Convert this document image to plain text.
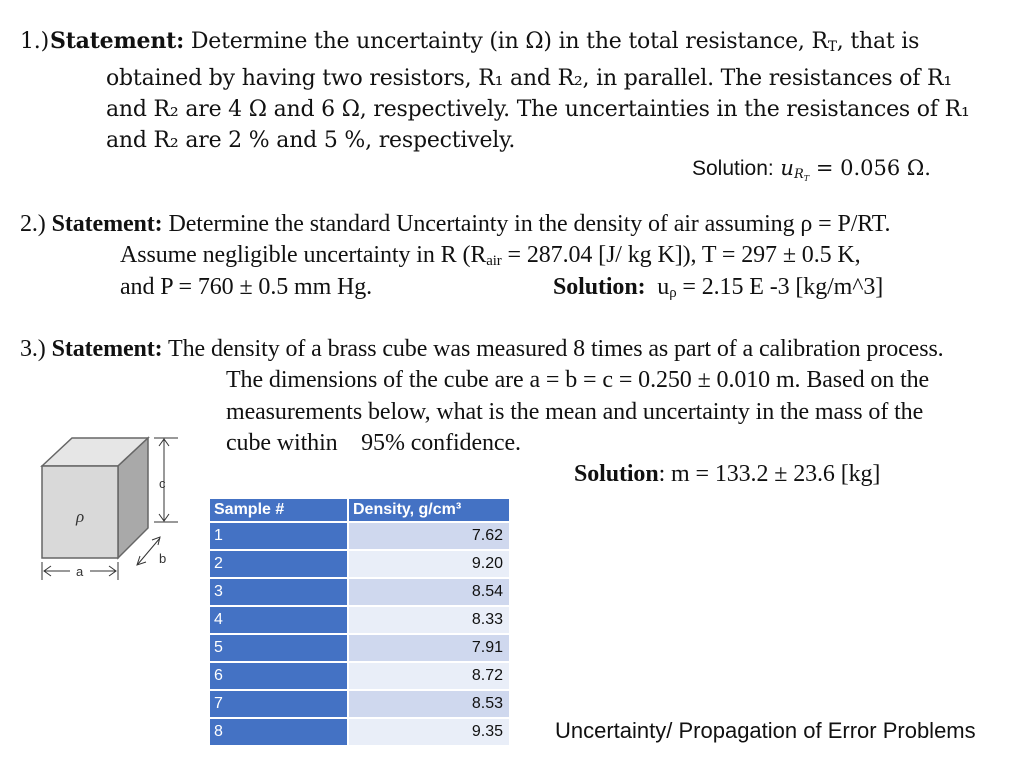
1.) Statement: Determine the uncertainty (in Ω) in the total resistance, $R_T$, that is
obtained by having two resistors, R₁ and R₂, in parallel. The resistances of R₁
and R₂ are 4 Ω and 6 Ω, respectively. The uncertainties in the resistances of R₁
and R₂ are 2 % and 5 %, respectively.
Solution: $u_{R_T} = 0.056$ Ω.
2.) Statement: Determine the standard Uncertainty in the density of air assuming ρ = P/RT.
Assume negligible uncertainty in R ($R_{air} = 287.04$ [J/ kg K]), T = 297 ± 0.5 K,
and P = 760 ± 0.5 mm Hg.	Solution: $u_\rho = 2.15$ E -3 [kg/m^3]
3.) Statement: The density of a brass cube was measured 8 times as part of a calibration process.
The dimensions of the cube are a = b = c = 0.250 ± 0.010 m. Based on the
measurements below, what is the mean and uncertainty in the mass of the
cube within    95% confidence.
Solution: m = 133.2 ± 23.6 [kg]
c
b
a
ρ	Sample #	Density, g/cm³
1	7.62
2	9.20
3	8.54
4	8.33
5	7.91
6	8.72
7	8.53
8	9.35 Uncertainty/ Propagation of Error Problems
